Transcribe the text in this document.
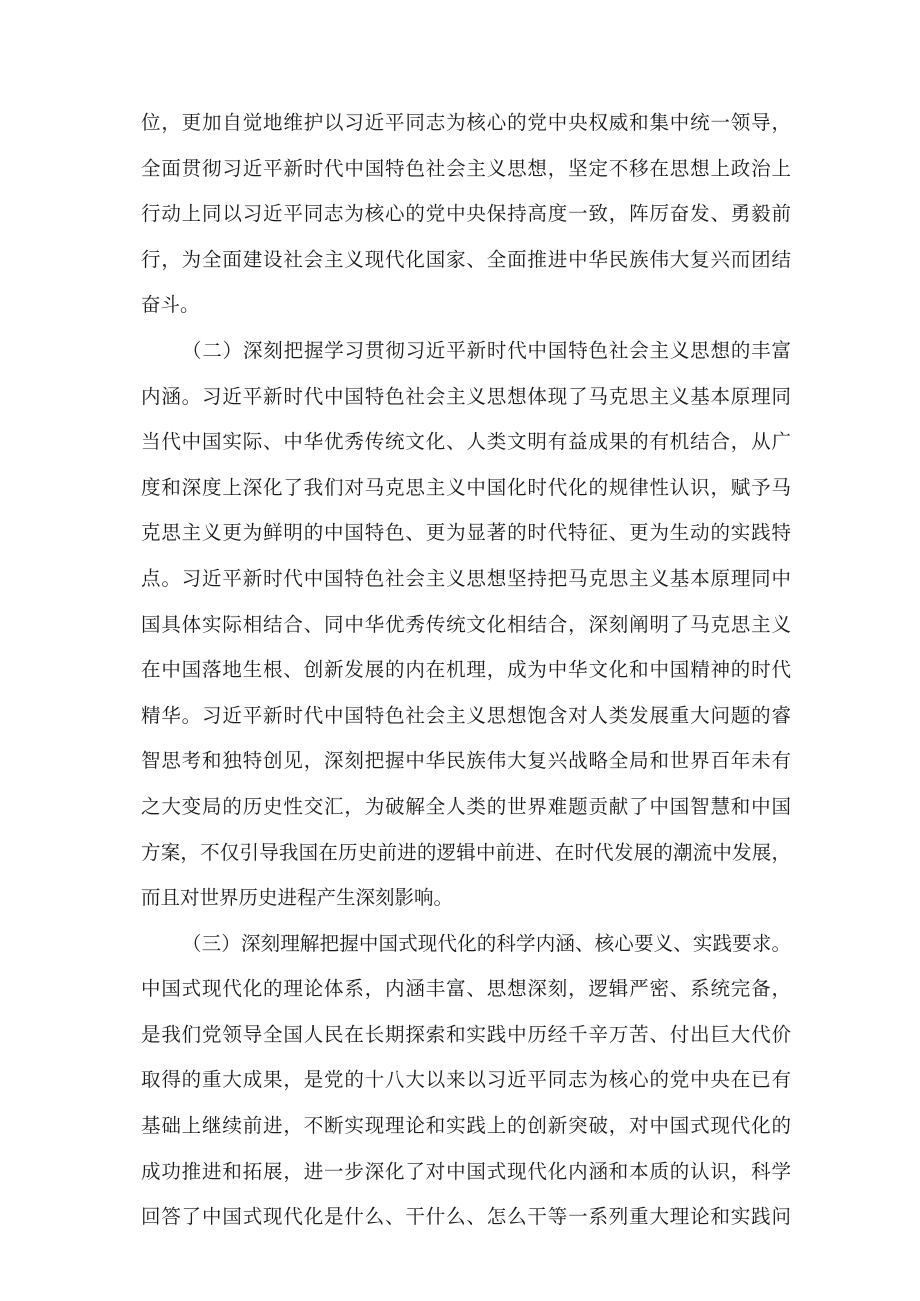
位，更加自觉地维护以习近平同志为核心的党中央权威和集中统一领导，
全面贯彻习近平新时代中国特色社会主义思想，坚定不移在思想上政治上
行动上同以习近平同志为核心的党中央保持高度一致，阵厉奋发、勇毅前
行，为全面建设社会主义现代化国家、全面推进中华民族伟大复兴而团结
奋斗。
（二）深刻把握学习贯彻习近平新时代中国特色社会主义思想的丰富
内涵。习近平新时代中国特色社会主义思想体现了马克思主义基本原理同
当代中国实际、中华优秀传统文化、人类文明有益成果的有机结合，从广
度和深度上深化了我们对马克思主义中国化时代化的规律性认识，赋予马
克思主义更为鲜明的中国特色、更为显著的时代特征、更为生动的实践特
点。习近平新时代中国特色社会主义思想坚持把马克思主义基本原理同中
国具体实际相结合、同中华优秀传统文化相结合，深刻阐明了马克思主义
在中国落地生根、创新发展的内在机理，成为中华文化和中国精神的时代
精华。习近平新时代中国特色社会主义思想饱含对人类发展重大问题的睿
智思考和独特创见，深刻把握中华民族伟大复兴战略全局和世界百年未有
之大变局的历史性交汇，为破解全人类的世界难题贡献了中国智慧和中国
方案，不仅引导我国在历史前进的逻辑中前进、在时代发展的潮流中发展，
而且对世界历史进程产生深刻影响。
（三）深刻理解把握中国式现代化的科学内涵、核心要义、实践要求。
中国式现代化的理论体系，内涵丰富、思想深刻，逻辑严密、系统完备，
是我们党领导全国人民在长期探索和实践中历经千辛万苦、付出巨大代价
取得的重大成果，是党的十八大以来以习近平同志为核心的党中央在已有
基础上继续前进，不断实现理论和实践上的创新突破，对中国式现代化的
成功推进和拓展，进一步深化了对中国式现代化内涵和本质的认识，科学
回答了中国式现代化是什么、干什么、怎么干等一系列重大理论和实践问
